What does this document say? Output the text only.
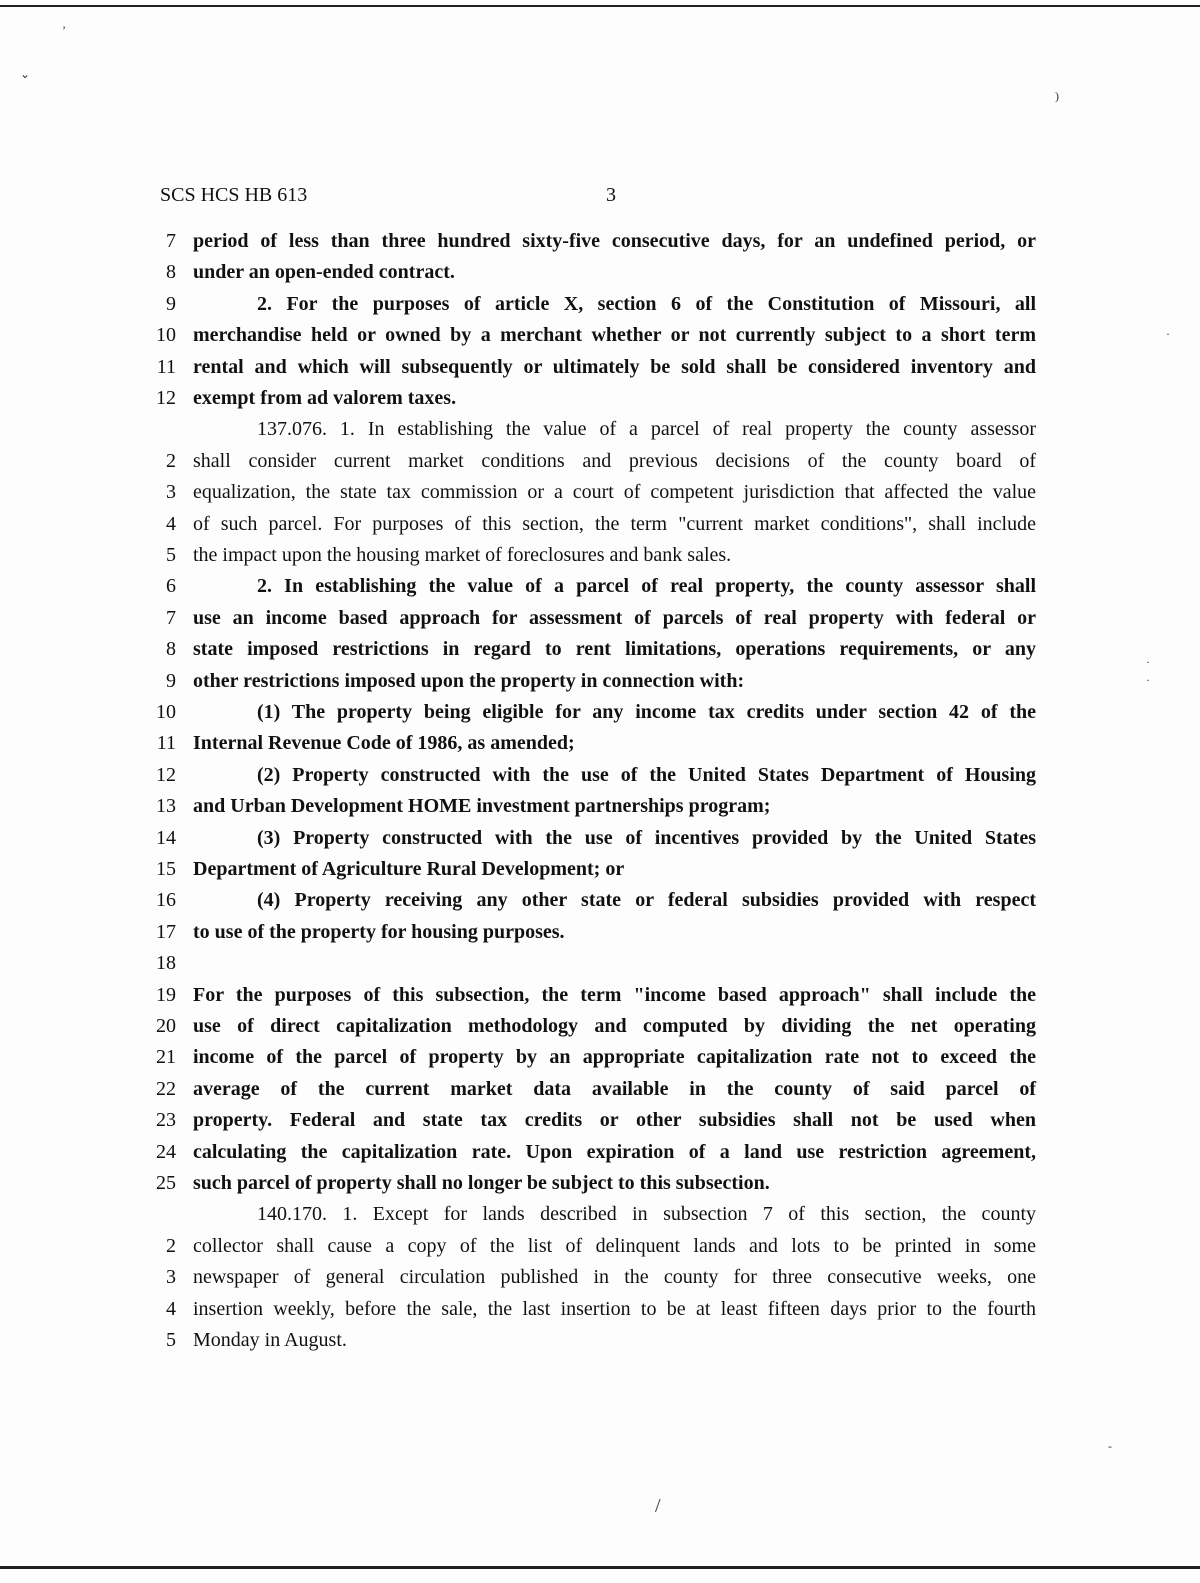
’
⌄
)
·
·
·
 -
/
SCS HCS HB 613	3
7 period of less than three hundred sixty-five consecutive days, for an undefined period, or
8 under an open-ended contract.
9	2. For the purposes of article X, section 6 of the Constitution of Missouri, all
10 merchandise held or owned by a merchant whether or not currently subject to a short term
11 rental and which will subsequently or ultimately be sold shall be considered inventory and
12 exempt from ad valorem taxes.
137.076. 1. In establishing the value of a parcel of real property the county assessor
2 shall consider current market conditions and previous decisions of the county board of
3 equalization, the state tax commission or a court of competent jurisdiction that affected the value
4 of such parcel. For purposes of this section, the term "current market conditions", shall include
5 the impact upon the housing market of foreclosures and bank sales.
6	2. In establishing the value of a parcel of real property, the county assessor shall
7 use an income based approach for assessment of parcels of real property with federal or
8 state imposed restrictions in regard to rent limitations, operations requirements, or any
9 other restrictions imposed upon the property in connection with:
10	(1) The property being eligible for any income tax credits under section 42 of the
11 Internal Revenue Code of 1986, as amended;
12	(2) Property constructed with the use of the United States Department of Housing
13 and Urban Development HOME investment partnerships program;
14	(3) Property constructed with the use of incentives provided by the United States
15 Department of Agriculture Rural Development; or
16	(4) Property receiving any other state or federal subsidies provided with respect
17 to use of the property for housing purposes.
18
19 For the purposes of this subsection, the term "income based approach" shall include the
20 use of direct capitalization methodology and computed by dividing the net operating
21 income of the parcel of property by an appropriate capitalization rate not to exceed the
22 average of the current market data available in the county of said parcel of
23 property. Federal and state tax credits or other subsidies shall not be used when
24 calculating the capitalization rate. Upon expiration of a land use restriction agreement,
25 such parcel of property shall no longer be subject to this subsection.
140.170. 1. Except for lands described in subsection 7 of this section, the county
2 collector shall cause a copy of the list of delinquent lands and lots to be printed in some
3 newspaper of general circulation published in the county for three consecutive weeks, one
4 insertion weekly, before the sale, the last insertion to be at least fifteen days prior to the fourth
5 Monday in August.
